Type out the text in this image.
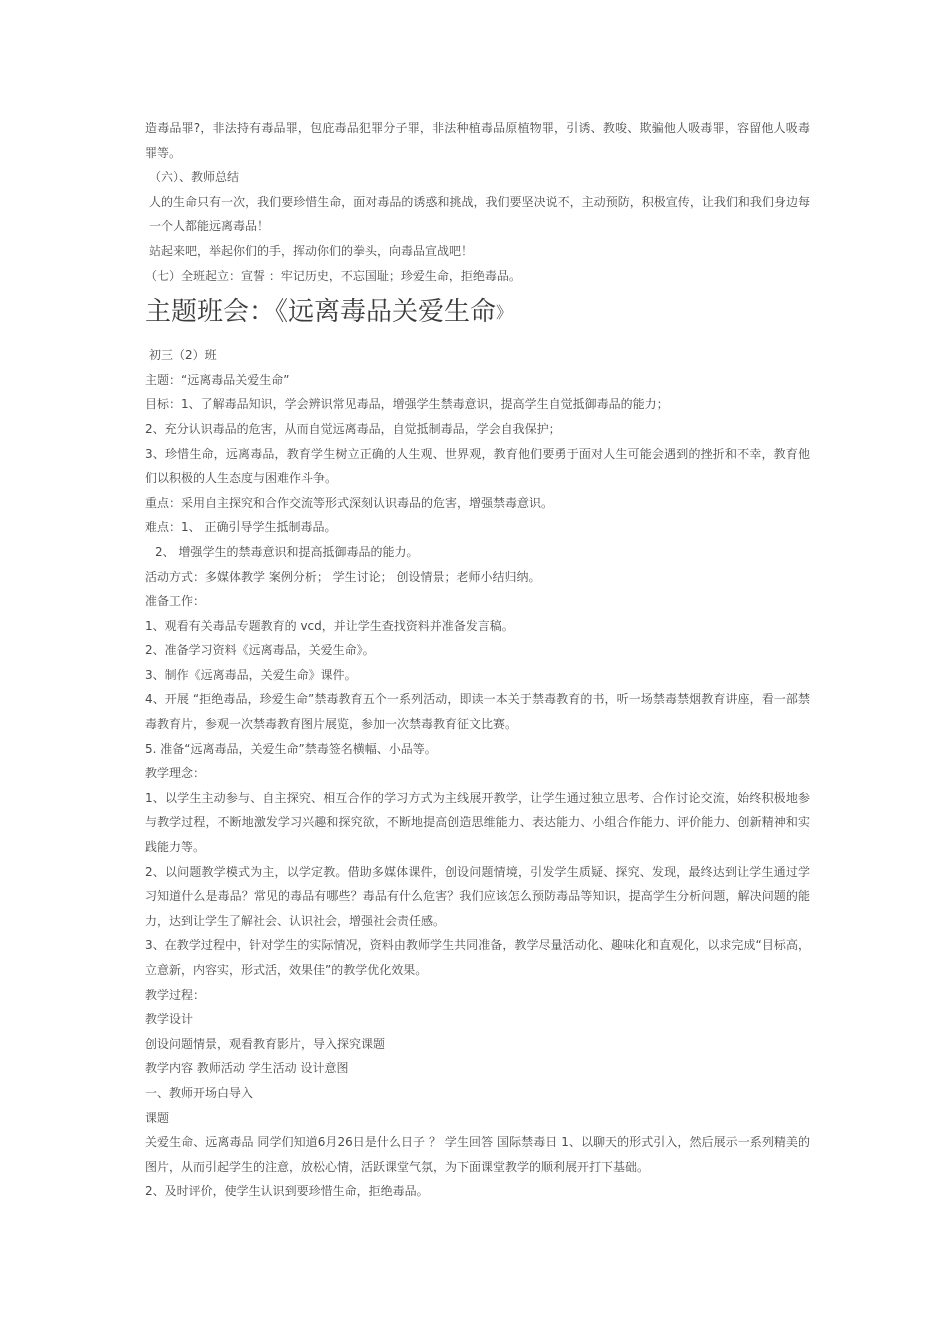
造毒品罪?，非法持有毒品罪，包庇毒品犯罪分子罪，非法种植毒品原植物罪，引诱、教唆、欺骗他人吸毒罪，容留他人吸毒罪等。

（六）、教师总结

人的生命只有一次，我们要珍惜生命，面对毒品的诱惑和挑战，我们要坚决说不，主动预防，积极宣传，让我们和我们身边每一个人都能远离毒品！

站起来吧，举起你们的手，挥动你们的拳头，向毒品宣战吧！

（七）全班起立：宣誓 ：牢记历史，不忘国耻；珍爱生命，拒绝毒品。

主题班会：《远离毒品关爱生命》

初三（2）班

主题：“远离毒品关爱生命”

目标：1、了解毒品知识，学会辨识常见毒品，增强学生禁毒意识，提高学生自觉抵御毒品的能力；

2、充分认识毒品的危害，从而自觉远离毒品，自觉抵制毒品，学会自我保护；

3、珍惜生命，远离毒品，教育学生树立正确的人生观、世界观，教育他们要勇于面对人生可能会遇到的挫折和不幸，教育他们以积极的人生态度与困难作斗争。

重点：采用自主探究和合作交流等形式深刻认识毒品的危害，增强禁毒意识。

难点：1、 正确引导学生抵制毒品。

2、 增强学生的禁毒意识和提高抵御毒品的能力。

活动方式：多媒体教学 案例分析； 学生讨论； 创设情景；老师小结归纳。

准备工作：

1、观看有关毒品专题教育的 vcd，并让学生查找资料并准备发言稿。

2、准备学习资料《远离毒品，关爱生命》。

3、制作《远离毒品，关爱生命》课件。

4、开展 “拒绝毒品，珍爱生命”禁毒教育五个一系列活动，即读一本关于禁毒教育的书，听一场禁毒禁烟教育讲座，看一部禁毒教育片，参观一次禁毒教育图片展览，参加一次禁毒教育征文比赛。

5. 准备“远离毒品，关爱生命”禁毒签名横幅、小品等。

教学理念：

1、以学生主动参与、自主探究、相互合作的学习方式为主线展开教学，让学生通过独立思考、合作讨论交流，始终积极地参与教学过程，不断地激发学习兴趣和探究欲，不断地提高创造思维能力、表达能力、小组合作能力、评价能力、创新精神和实践能力等。

2、以问题教学模式为主，以学定教。借助多媒体课件，创设问题情境，引发学生质疑、探究、发现，最终达到让学生通过学习知道什么是毒品？常见的毒品有哪些？毒品有什么危害？我们应该怎么预防毒品等知识，提高学生分析问题，解决问题的能力，达到让学生了解社会、认识社会，增强社会责任感。

3、在教学过程中，针对学生的实际情况，资料由教师学生共同准备，教学尽量活动化、趣味化和直观化，以求完成“目标高，立意新，内容实，形式活，效果佳”的教学优化效果。

教学过程：

教学设计

创设问题情景，观看教育影片，导入探究课题

教学内容 教师活动 学生活动 设计意图

一、教师开场白导入

课题

关爱生命、远离毒品 同学们知道6月26日是什么日子 ？ 学生回答 国际禁毒日 1、以聊天的形式引入，然后展示一系列精美的图片，从而引起学生的注意，放松心情，活跃课堂气氛，为下面课堂教学的顺利展开打下基础。

2、及时评价，使学生认识到要珍惜生命，拒绝毒品。
